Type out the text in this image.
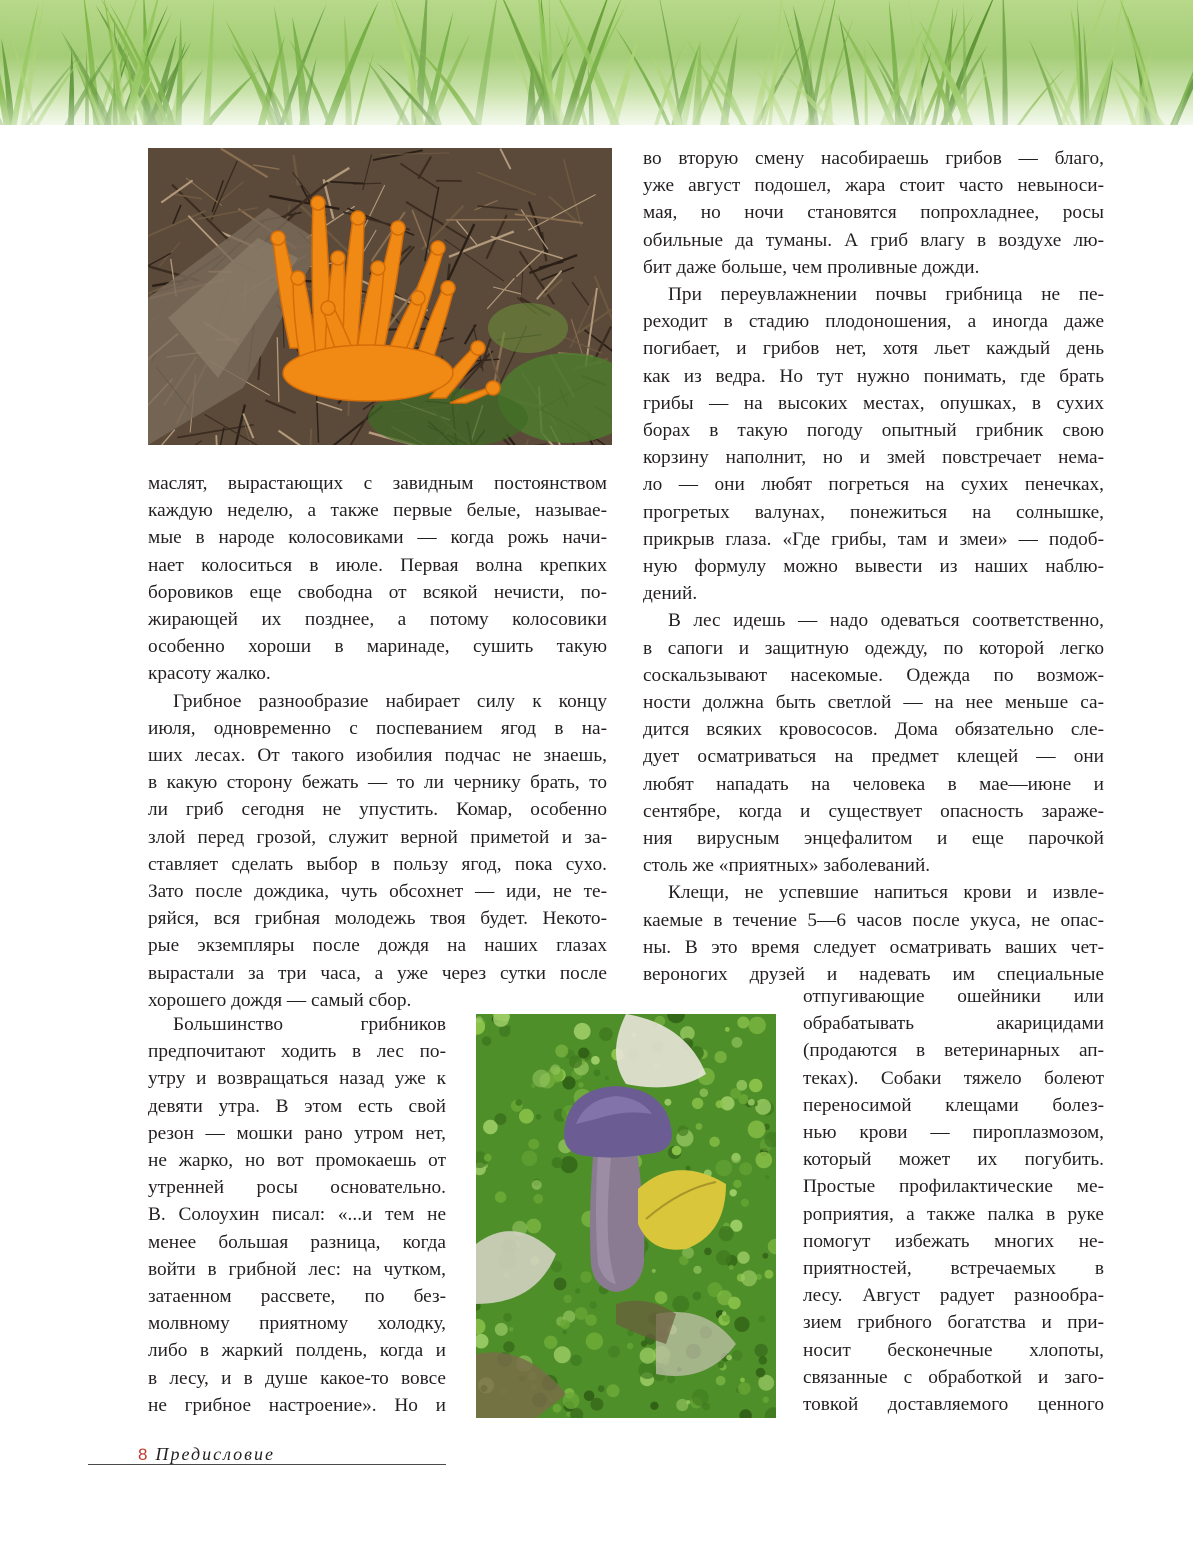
во вторую смену насобираешь грибов — благо,
уже август подошел, жара стоит часто невыноси-
мая, но ночи становятся попрохладнее, росы
обильные да туманы. А гриб влагу в воздухе лю-
бит даже больше, чем проливные дожди.
При переувлажнении почвы грибница не пе-
реходит в стадию плодоношения, а иногда даже
погибает, и грибов нет, хотя льет каждый день
как из ведра. Но тут нужно понимать, где брать
грибы — на высоких местах, опушках, в сухих
борах в такую погоду опытный грибник свою
корзину наполнит, но и змей повстречает нема-
ло — они любят погреться на сухих пенечках,
прогретых валунах, понежиться на солнышке,
прикрыв глаза. «Где грибы, там и змеи» — подоб-
ную формулу можно вывести из наших наблю-
дений.
В лес идешь — надо одеваться соответственно,
в сапоги и защитную одежду, по которой легко
соскальзывают насекомые. Одежда по возмож-
ности должна быть светлой — на нее меньше са-
дится всяких кровососов. Дома обязательно сле-
дует осматриваться на предмет клещей — они
любят нападать на человека в мае—июне и
сентябре, когда и существует опасность зараже-
ния вирусным энцефалитом и еще парочкой
столь же «приятных» заболеваний.
Клещи, не успевшие напиться крови и извле-
каемые в течение 5—6 часов после укуса, не опас-
ны. В это время следует осматривать ваших чет-
вероногих друзей и надевать им специальные
отпугивающие ошейники или
обрабатывать акарицидами
(продаются в ветеринарных ап-
теках). Собаки тяжело болеют
переносимой клещами болез-
нью крови — пироплазмозом,
который может их погубить.
Простые профилактические ме-
роприятия, а также палка в руке
помогут избежать многих не-
приятностей, встречаемых в
лесу. Август радует разнообра-
зием грибного богатства и при-
носит бесконечные хлопоты,
связанные с обработкой и заго-
товкой доставляемого ценного
маслят, вырастающих с завидным постоянством
каждую неделю, а также первые белые, называе-
мые в народе колосовиками — когда рожь начи-
нает колоситься в июле. Первая волна крепких
боровиков еще свободна от всякой нечисти, по-
жирающей их позднее, а потому колосовики
особенно хороши в маринаде, сушить такую
красоту жалко.
Грибное разнообразие набирает силу к концу
июля, одновременно с поспеванием ягод в на-
ших лесах. От такого изобилия подчас не знаешь,
в какую сторону бежать — то ли чернику брать, то
ли гриб сегодня не упустить. Комар, особенно
злой перед грозой, служит верной приметой и за-
ставляет сделать выбор в пользу ягод, пока сухо.
Зато после дождика, чуть обсохнет — иди, не те-
ряйся, вся грибная молодежь твоя будет. Некото-
рые экземпляры после дождя на наших глазах
вырастали за три часа, а уже через сутки после
хорошего дождя — самый сбор.
Большинство грибников
предпочитают ходить в лес по-
утру и возвращаться назад уже к
девяти утра. В этом есть свой
резон — мошки рано утром нет,
не жарко, но вот промокаешь от
утренней росы основательно.
В. Солоухин писал: «...и тем не
менее большая разница, когда
войти в грибной лес: на чутком,
затаенном рассвете, по без-
молвному приятному холодку,
либо в жаркий полдень, когда и
в лесу, и в душе какое-то вовсе
не грибное настроение». Но и
8 Предисловие
